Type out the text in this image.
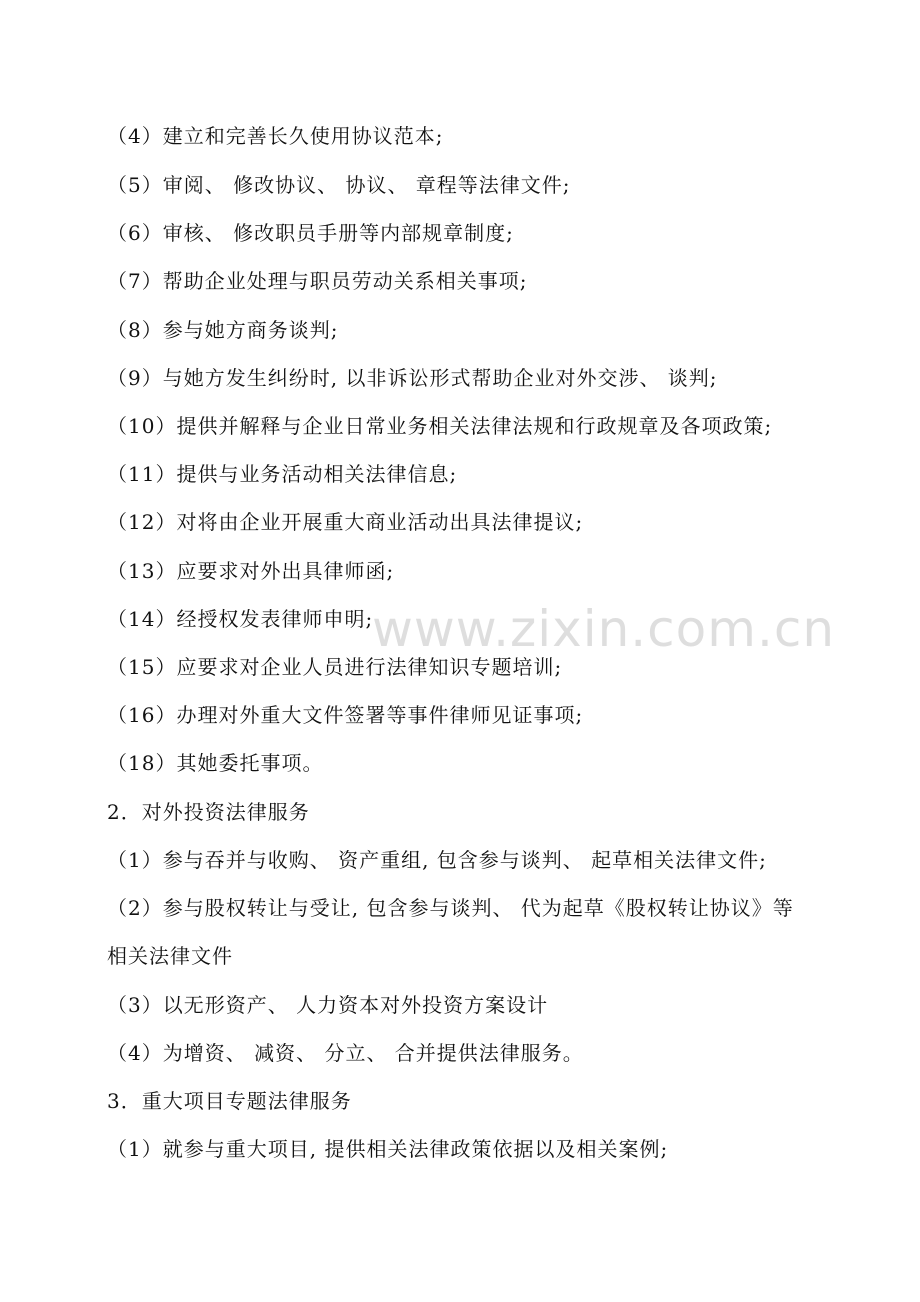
（4）建立和完善长久使用协议范本;
（5）审阅、 修改协议、 协议、 章程等法律文件;
（6）审核、 修改职员手册等内部规章制度;
（7）帮助企业处理与职员劳动关系相关事项;
（8）参与她方商务谈判;
（9）与她方发生纠纷时, 以非诉讼形式帮助企业对外交涉、 谈判;
（10）提供并解释与企业日常业务相关法律法规和行政规章及各项政策;
（11）提供与业务活动相关法律信息;
（12）对将由企业开展重大商业活动出具法律提议;
（13）应要求对外出具律师函;
（14）经授权发表律师申明;
（15）应要求对企业人员进行法律知识专题培训;
（16）办理对外重大文件签署等事件律师见证事项;
（18）其她委托事项。
2．对外投资法律服务
（1）参与吞并与收购、 资产重组, 包含参与谈判、 起草相关法律文件;
（2）参与股权转让与受让, 包含参与谈判、 代为起草《股权转让协议》等
相关法律文件
（3）以无形资产、 人力资本对外投资方案设计
（4）为增资、 减资、 分立、 合并提供法律服务。
3．重大项目专题法律服务
（1）就参与重大项目, 提供相关法律政策依据以及相关案例;
www.zixin.com.cn
